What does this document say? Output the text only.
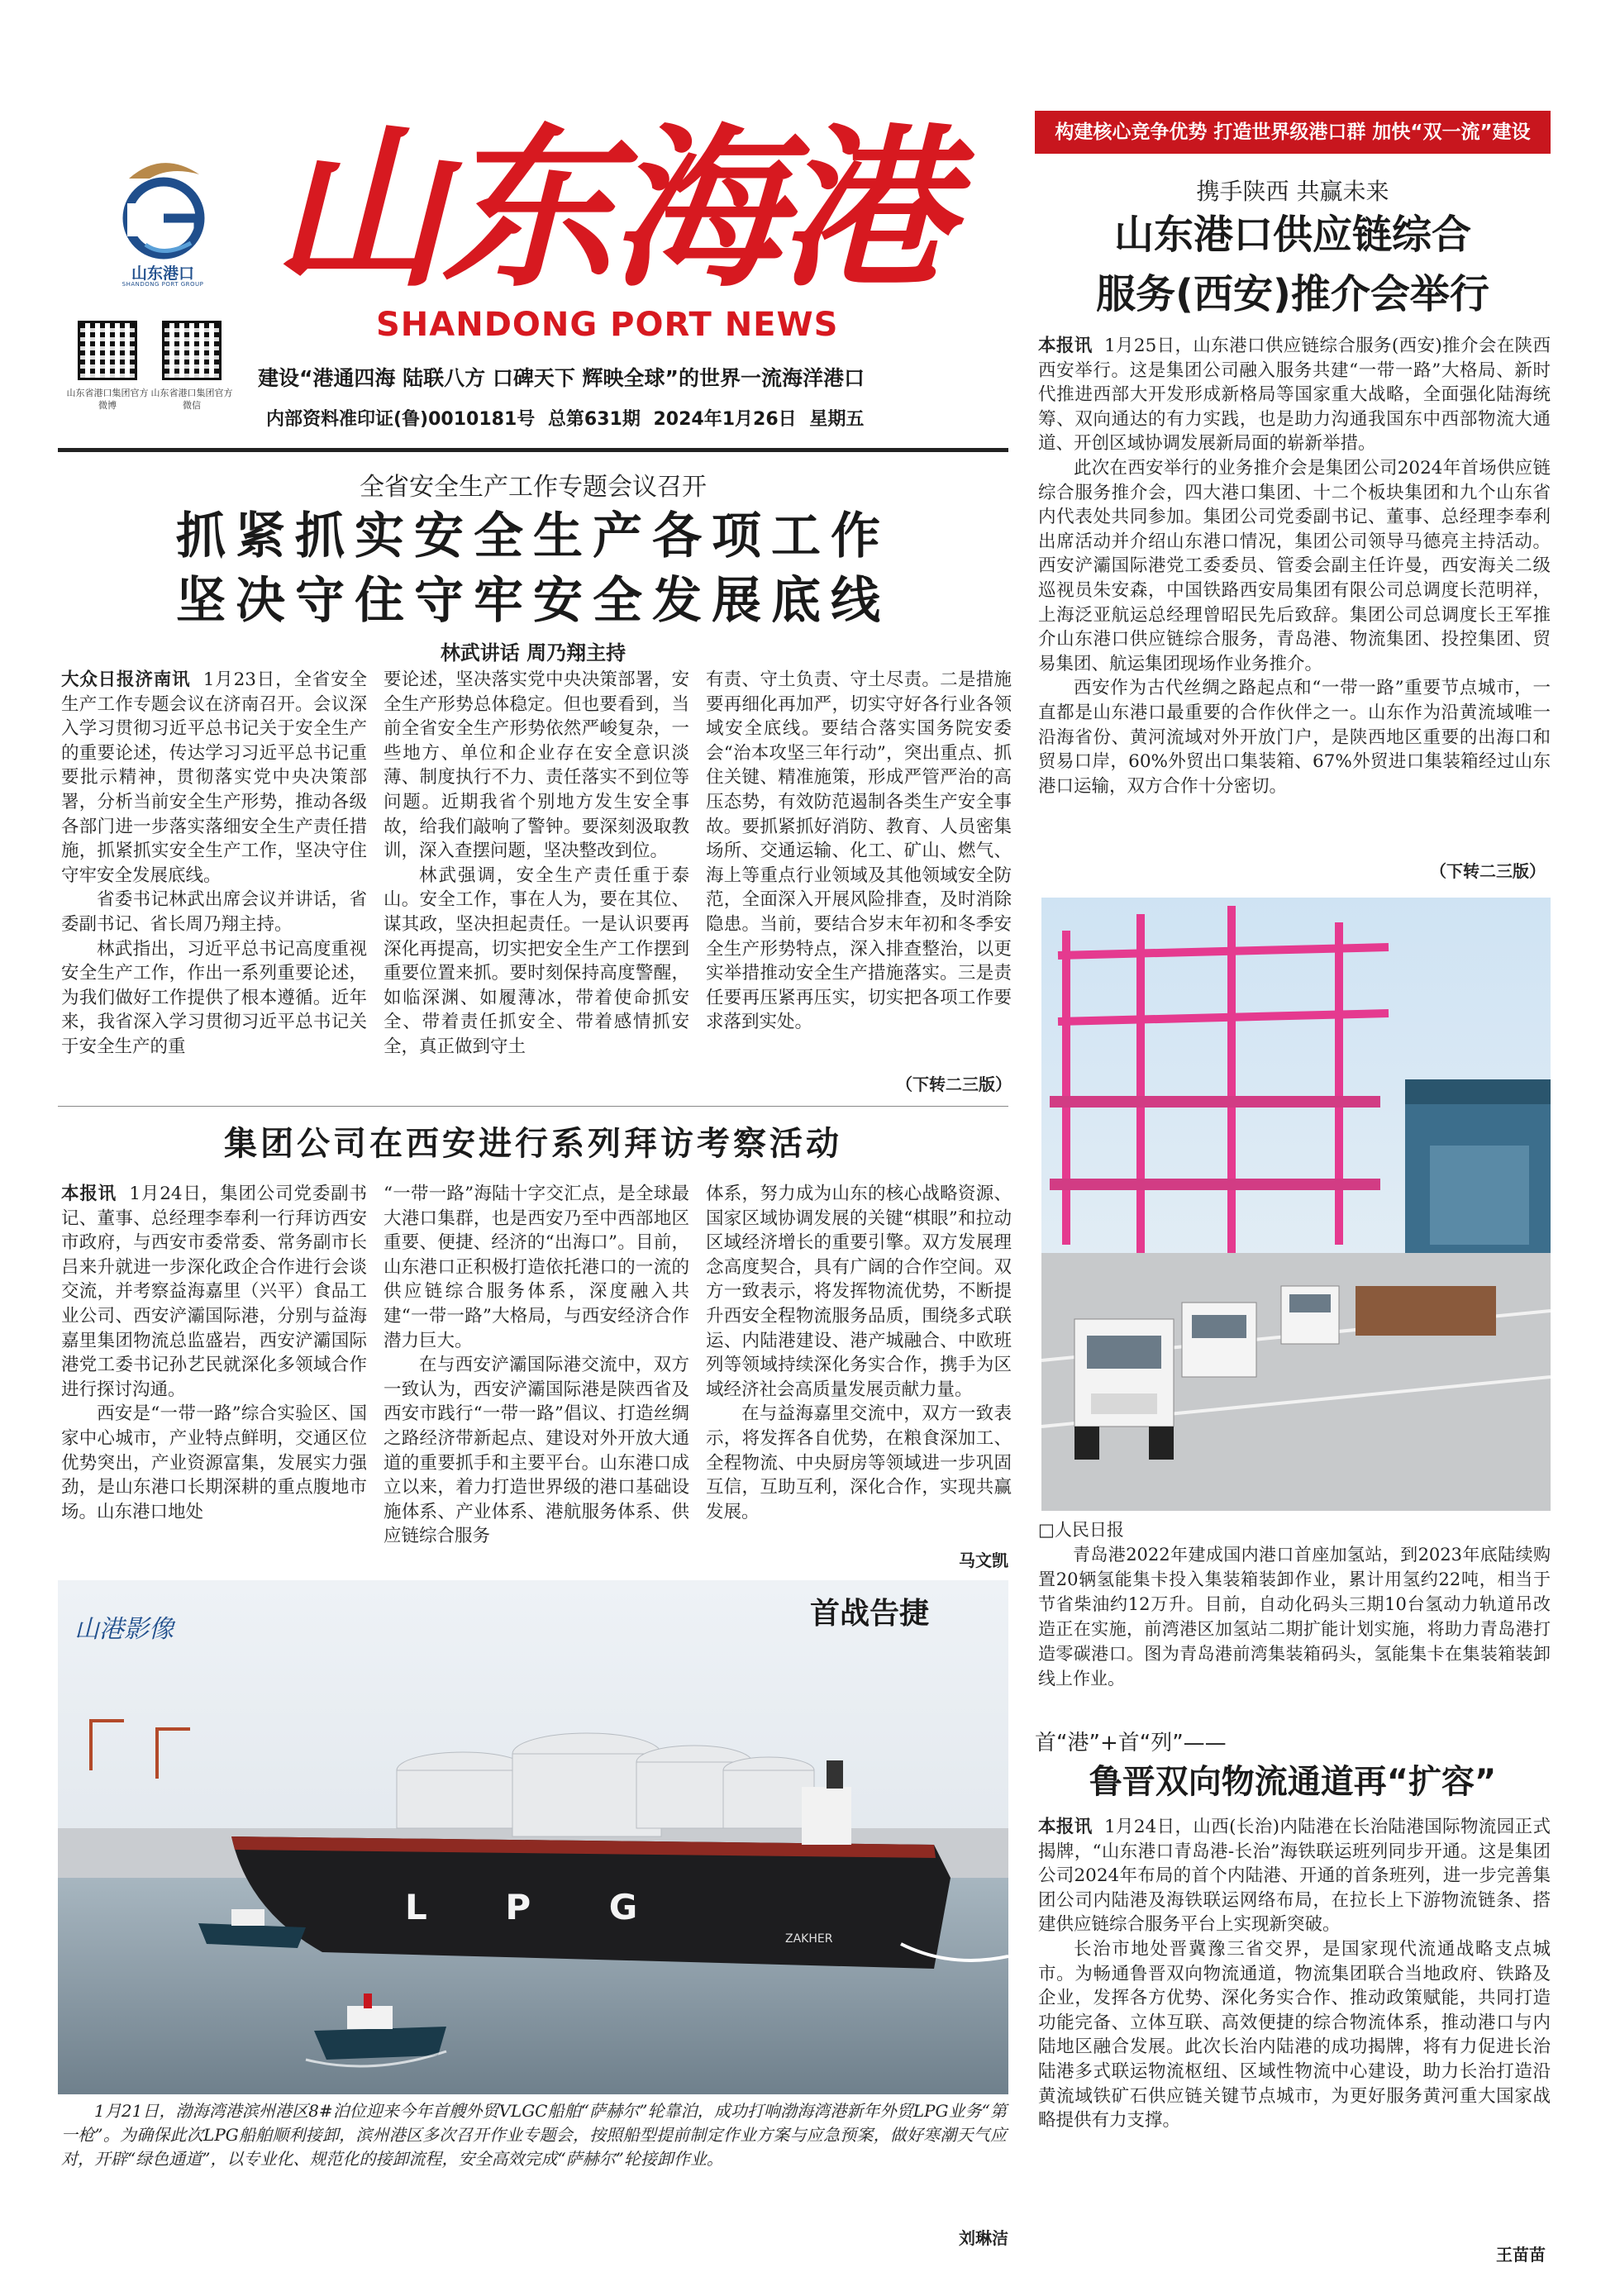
山东港口
SHANDONG PORT GROUP 山东海港
SHANDONG PORT NEWS
山东省港口集团官方微博
山东省港口集团官方微信
建设“港通四海 陆联八方 口碑天下 辉映全球”的世界一流海洋港口
内部资料准印证(鲁)0010181号 总第631期 2024年1月26日 星期五
构建核心竞争优势 打造世界级港口群 加快“双一流”建设
全省安全生产工作专题会议召开
抓紧抓实安全生产各项工作
坚决守住守牢安全发展底线
林武讲话 周乃翔主持

大众日报济南讯 1月23日，全省安全生产工作专题会议在济南召开。会议深入学习贯彻习近平总书记关于安全生产的重要论述，传达学习习近平总书记重要批示精神，贯彻落实党中央决策部署，分析当前安全生产形势，推动各级各部门进一步落实落细安全生产责任措施，抓紧抓实安全生产工作，坚决守住守牢安全发展底线。

省委书记林武出席会议并讲话，省委副书记、省长周乃翔主持。

林武指出，习近平总书记高度重视安全生产工作，作出一系列重要论述，为我们做好工作提供了根本遵循。近年来，我省深入学习贯彻习近平总书记关于安全生产的重

要论述，坚决落实党中央决策部署，安全生产形势总体稳定。但也要看到，当前全省安全生产形势依然严峻复杂，一些地方、单位和企业存在安全意识淡薄、制度执行不力、责任落实不到位等问题。近期我省个别地方发生安全事故，给我们敲响了警钟。要深刻汲取教训，深入查摆问题，坚决整改到位。

林武强调，安全生产责任重于泰山。安全工作，事在人为，要在其位、谋其政，坚决担起责任。一是认识要再深化再提高，切实把安全生产工作摆到重要位置来抓。要时刻保持高度警醒，如临深渊、如履薄冰，带着使命抓安全、带着责任抓安全、带着感情抓安全，真正做到守土

有责、守土负责、守土尽责。二是措施要再细化再加严，切实守好各行业各领域安全底线。要结合落实国务院安委会“治本攻坚三年行动”，突出重点、抓住关键、精准施策，形成严管严治的高压态势，有效防范遏制各类生产安全事故。要抓紧抓好消防、教育、人员密集场所、交通运输、化工、矿山、燃气、海上等重点行业领域及其他领域安全防范，全面深入开展风险排查，及时消除隐患。当前，要结合岁末年初和冬季安全生产形势特点，深入排查整治，以更实举措推动安全生产措施落实。三是责任要再压紧再压实，切实把各项工作要求落到实处。

（下转二三版）
集团公司在西安进行系列拜访考察活动

本报讯 1月24日，集团公司党委副书记、董事、总经理李奉利一行拜访西安市政府，与西安市委常委、常务副市长吕来升就进一步深化政企合作进行会谈交流，并考察益海嘉里（兴平）食品工业公司、西安浐灞国际港，分别与益海嘉里集团物流总监盛岩，西安浐灞国际港党工委书记孙艺民就深化多领域合作进行探讨沟通。

西安是“一带一路”综合实验区、国家中心城市，产业特点鲜明，交通区位优势突出，产业资源富集，发展实力强劲，是山东港口长期深耕的重点腹地市场。山东港口地处

“一带一路”海陆十字交汇点，是全球最大港口集群，也是西安乃至中西部地区重要、便捷、经济的“出海口”。目前，山东港口正积极打造依托港口的一流的供应链综合服务体系，深度融入共建“一带一路”大格局，与西安经济合作潜力巨大。

在与西安浐灞国际港交流中，双方一致认为，西安浐灞国际港是陕西省及西安市践行“一带一路”倡议、打造丝绸之路经济带新起点、建设对外开放大通道的重要抓手和主要平台。山东港口成立以来，着力打造世界级的港口基础设施体系、产业体系、港航服务体系、供应链综合服务

体系，努力成为山东的核心战略资源、国家区域协调发展的关键“棋眼”和拉动区域经济增长的重要引擎。双方发展理念高度契合，具有广阔的合作空间。双方一致表示，将发挥物流优势，不断提升西安全程物流服务品质，围绕多式联运、内陆港建设、港产城融合、中欧班列等领域持续深化务实合作，携手为区域经济社会高质量发展贡献力量。

在与益海嘉里交流中，双方一致表示，将发挥各自优势，在粮食深加工、全程物流、中央厨房等领域进一步巩固互信，互助互利，深化合作，实现共赢发展。

马文凯
L P G
ZAKHER
山港影像	首战告捷
1月21日，渤海湾港滨州港区8#泊位迎来今年首艘外贸VLGC船舶“萨赫尔”轮靠泊，成功打响渤海湾港新年外贸LPG业务“第一枪”。为确保此次LPG船舶顺利接卸，滨州港区多次召开作业专题会，按照船型提前制定作业方案与应急预案，做好寒潮天气应对，开辟“绿色通道”，以专业化、规范化的接卸流程，安全高效完成“萨赫尔”轮接卸作业。
刘琳洁
携手陕西 共赢未来
山东港口供应链综合
服务(西安)推介会举行

本报讯 1月25日，山东港口供应链综合服务(西安)推介会在陕西西安举行。这是集团公司融入服务共建“一带一路”大格局、新时代推进西部大开发形成新格局等国家重大战略，全面强化陆海统筹、双向通达的有力实践，也是助力沟通我国东中西部物流大通道、开创区域协调发展新局面的崭新举措。

此次在西安举行的业务推介会是集团公司2024年首场供应链综合服务推介会，四大港口集团、十二个板块集团和九个山东省内代表处共同参加。集团公司党委副书记、董事、总经理李奉利出席活动并介绍山东港口情况，集团公司领导马德亮主持活动。西安浐灞国际港党工委委员、管委会副主任许曼，西安海关二级巡视员朱安森，中国铁路西安局集团有限公司总调度长范明祥，上海泛亚航运总经理曾昭民先后致辞。集团公司总调度长王军推介山东港口供应链综合服务，青岛港、物流集团、投控集团、贸易集团、航运集团现场作业务推介。

西安作为古代丝绸之路起点和“一带一路”重要节点城市，一直都是山东港口最重要的合作伙伴之一。山东作为沿黄流域唯一沿海省份、黄河流域对外开放门户，是陕西地区重要的出海口和贸易口岸，60%外贸出口集装箱、67%外贸进口集装箱经过山东港口运输，双方合作十分密切。

（下转二三版）
□人民日报
青岛港2022年建成国内港口首座加氢站，到2023年底陆续购置20辆氢能集卡投入集装箱装卸作业，累计用氢约22吨，相当于节省柴油约12万升。目前，自动化码头三期10台氢动力轨道吊改造正在实施，前湾港区加氢站二期扩能计划实施，将助力青岛港打造零碳港口。图为青岛港前湾集装箱码头，氢能集卡在集装箱装卸线上作业。
首“港”+首“列”——
鲁晋双向物流通道再“扩容”

本报讯 1月24日，山西(长治)内陆港在长治陆港国际物流园正式揭牌，“山东港口青岛港-长治”海铁联运班列同步开通。这是集团公司2024年布局的首个内陆港、开通的首条班列，进一步完善集团公司内陆港及海铁联运网络布局，在拉长上下游物流链条、搭建供应链综合服务平台上实现新突破。

长治市地处晋冀豫三省交界，是国家现代流通战略支点城市。为畅通鲁晋双向物流通道，物流集团联合当地政府、铁路及企业，发挥各方优势、深化务实合作、推动政策赋能，共同打造功能完备、立体互联、高效便捷的综合物流体系，推动港口与内陆地区融合发展。此次长治内陆港的成功揭牌，将有力促进长治陆港多式联运物流枢纽、区域性物流中心建设，助力长治打造沿黄流域铁矿石供应链关键节点城市，为更好服务黄河重大国家战略提供有力支撑。

王苗苗
